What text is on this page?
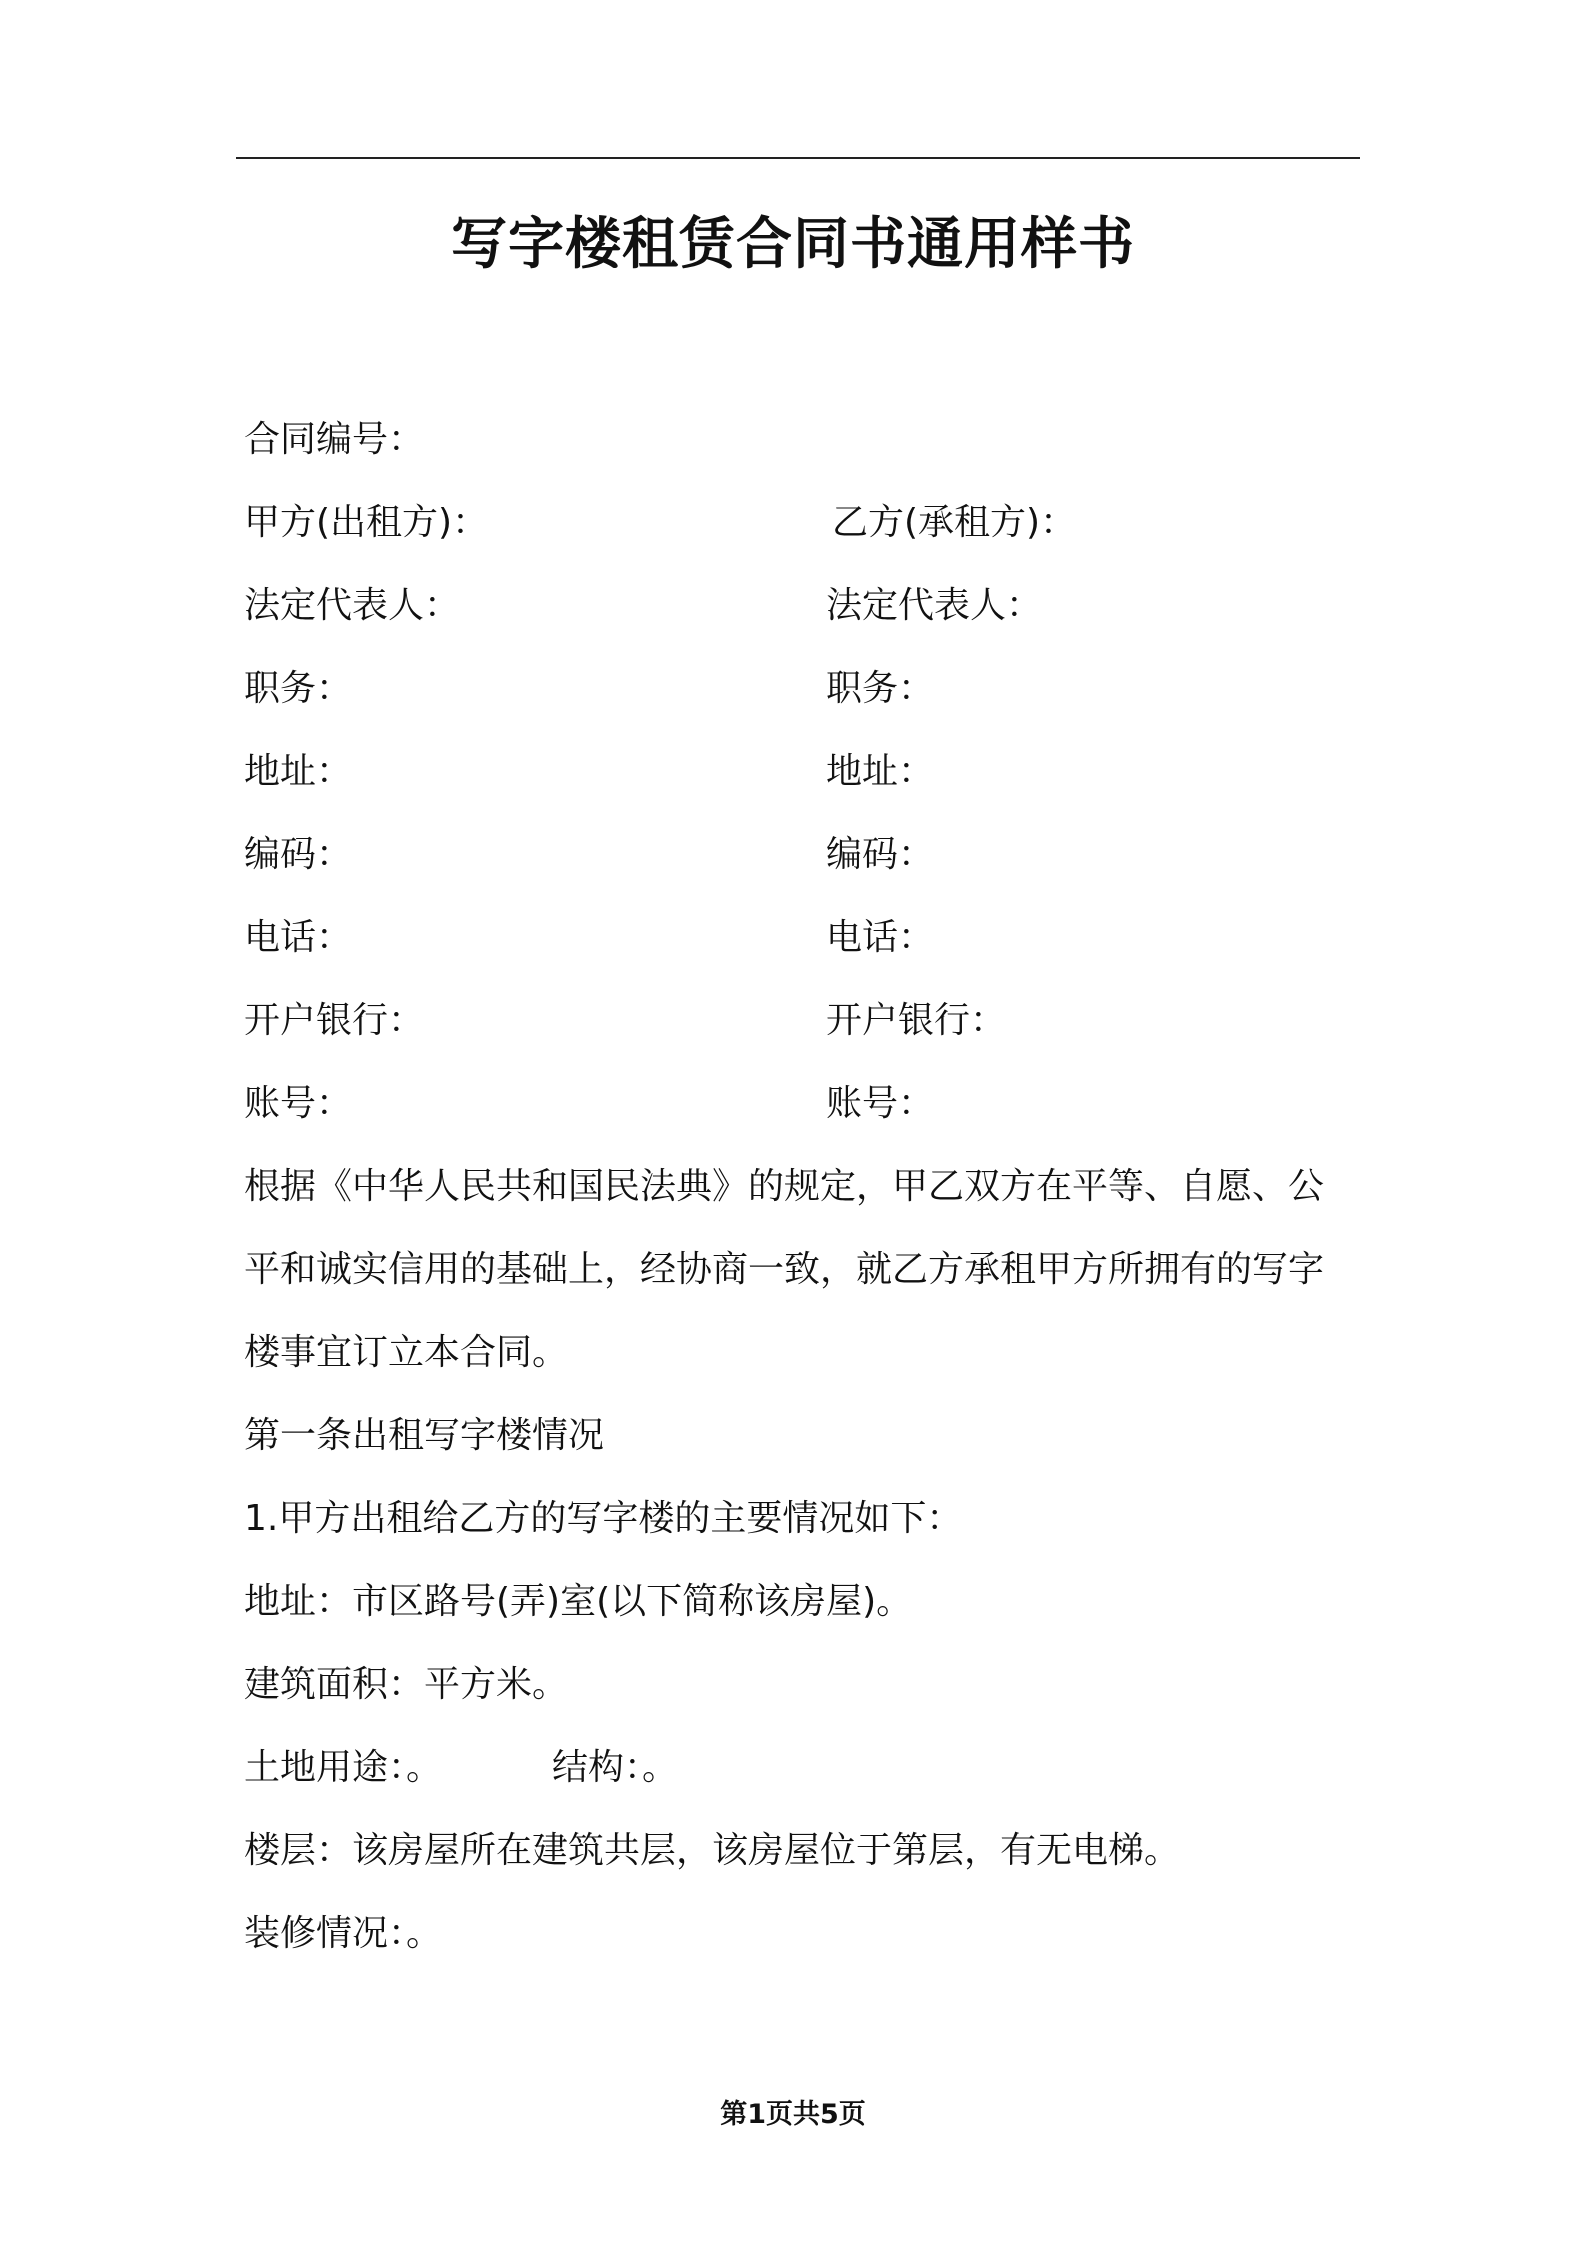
写字楼租赁合同书通用样书
合同编号：
甲方(出租方)：	乙方(承租方)：
法定代表人：	法定代表人：
职务：	职务：
地址：	地址：
编码：	编码：
电话：	电话：
开户银行：	开户银行：
账号：	账号：
根据《中华人民共和国民法典》的规定，甲乙双方在平等、自愿、公
平和诚实信用的基础上，经协商一致，就乙方承租甲方所拥有的写字
楼事宜订立本合同。
第一条出租写字楼情况
1.甲方出租给乙方的写字楼的主要情况如下：
地址：市区路号(弄)室(以下简称该房屋)。
建筑面积：平方米。
土地用途：。	结构：。
楼层：该房屋所在建筑共层，该房屋位于第层，有无电梯。
装修情况：。
第1页共5页
